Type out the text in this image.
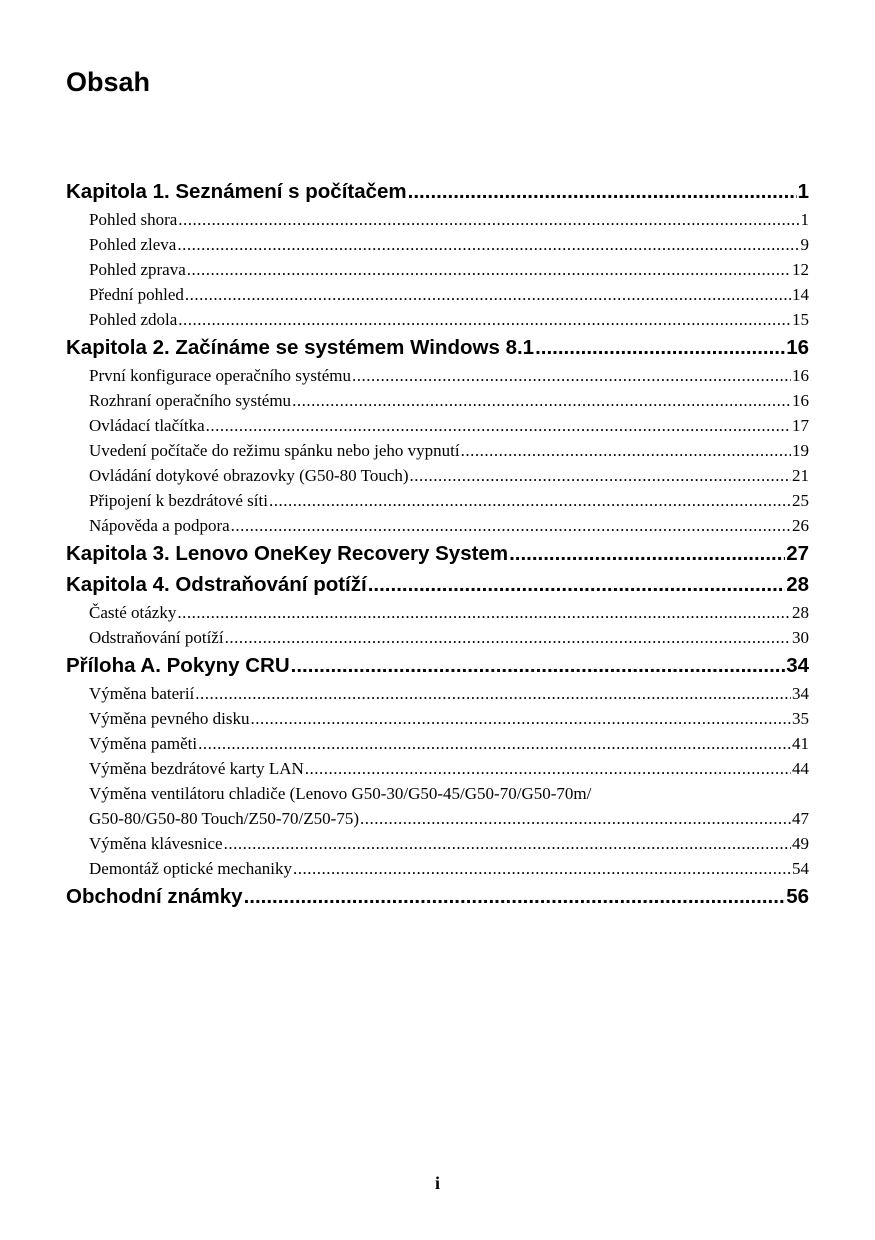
Obsah
Kapitola 1. Seznámení s počítačem .....	1
Pohled shora .....	1
Pohled zleva .....	9
Pohled zprava .....	12
Přední pohled .....	14
Pohled zdola .....	15
Kapitola 2. Začínáme se systémem Windows 8.1 .....	16
První konfigurace operačního systému .....	16
Rozhraní operačního systému .....	16
Ovládací tlačítka .....	17
Uvedení počítače do režimu spánku nebo jeho vypnutí .....	19
Ovládání dotykové obrazovky (G50-80 Touch) .....	21
Připojení k bezdrátové síti .....	25
Nápověda a podpora .....	26
Kapitola 3. Lenovo OneKey Recovery System .....	27
Kapitola 4. Odstraňování potíží .....	28
Časté otázky .....	28
Odstraňování potíží .....	30
Příloha A. Pokyny CRU .....	34
Výměna baterií .....	34
Výměna pevného disku .....	35
Výměna paměti .....	41
Výměna bezdrátové karty LAN .....	44
Výměna ventilátoru chladiče (Lenovo G50-30/G50-45/G50-70/G50-70m/
G50-80/G50-80 Touch/Z50-70/Z50-75) .....	47
Výměna klávesnice .....	49
Demontáž optické mechaniky .....	54
Obchodní známky .....	56
i
